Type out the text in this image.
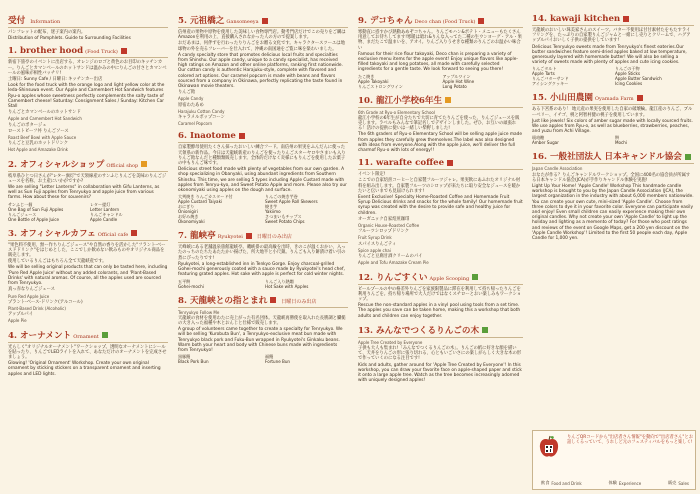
受付 Information
パンフレットの配布、迷子案内の案内。
Distribution of Pamphlets. Guide to Surrounding Facilities
1. brother hood (Food Truck)
新宿下旅亭のイベントに出店する、オレンジのロゴと黄色のお目印のキッチンカー。りんごとカマンベールのホットサンドは温かみの中にりんごの甘さとカマンベールの風味が相性バッチリ!
土曜日: Sunny Cafe / 日曜日: キッチンカー出店
Look for the food truck with the orange logo and light yellow color at the Ieda-Shinsuwa event. Our Apple and Camembert Hot Sandwich features Ryu-o apples whose sweetness perfectly complements the salty taste of Camembert cheese! Saturday: Consignment Sales / Sunday: Kitchen Car Stall
りんごとカマンベールのホットサンド
Apple and Camembert Hot Sandwich
りんごのポタージュ
ローストビーフ丼 りんごソース
Roast Beef Bowl with Apple Sauce
りんごと豆乳のホットドリンク
Hot Apple and Amazake Drink
2. オフィシャルショップ Official shop
岐阜県ひとつ日さんが"レター旗灯"で天領線産のサンふじりんごを美味のりんごジュースを名称、お土産にいかがですか?
We are selling "Letter Lanterns" in collaboration with Gifu Lanterns, as well as Sun Fuji apples from Tenryukyo and apple juice from various farms. How about these for souvenirs?
サンふじ一個	レター提灯
One Bag of Sun Fuji Apples	Letter Lantern
りんごジュース	りんごキャンドル
One Bottle of Apple Juice	Apple Candle
3. オフィシャルカフェ Official cafe
"果色料不使用、無ー作ちりんごジュース"や自然の香りを活かした"フラント-ベースドドリンク"をはじめとした、ここでしか飲めない飲みものやオリジナル商品を販売します。
使用しているりんごはもちろん全て天龍峡産です。
We will be selling original products that can only be tasted here, including 'Pure Red Apple Juice' without any added colorants, and 'Plant-Based Drinks' with natural aromas. Of course, all the apples used are sourced from Tenryukyo.
真っ赤なりんごジュース
Pure Red Apple Juice
プラント-ベース-ドリンク(アルコール)
Plant-Based Drink (Alcoholic)
アップルパイ
Apple Pie
4. オーナメント Ornament
光らしく"オリジナルオーナメント"ワークショップ。透明なオーナメントにシールを貼ったり、りんごでLEDライトを入れて、あなただけのオーナメントを完成させましょう。
Glowing! 'Original Ornament' Workshop. Create your own original ornament by sticking stickers on a transparent ornament and inserting apples and LED lights.
5. 元祖橋之 Gansomeeya
信州産の果物や原物を使用した美味しい食物専門店。動考門店だけでこの売りをご購はAmazonを利用の上、直接購入されなかった人の方ので提案します。
おだあまは、何伴ずを行わったりりんごをお贈る文化です。キャラクタースツーユは地球物の外を売るフレーバーを仕入れて、沖縄の南国通をご覧に味を楽わいました。
A candy specialty store that promotes delicious local fruits and specialties from Shinshu. Our apple candy, unique to a candy specialist, has received high ratings on Amazon and other online platforms, ranking first nationwide. Our cotton candy is authentic Harajuku-style, complete with flavored and colored art options. Our caramel popcorn is made with beans and flavors sourced from a company in Okinawa, perfectly replicating the taste found in Okinawan movie theaters.
りんご飴
Apple Candy
原宿わたあめ
Harajuku Cotton Candy
キャラメルポップコーン
Caramel Popcorn
6. Inaotome
自家製酵母使用たくさん採ったおいしい練合フード。南信州の果実をふんだんに使った天領県の新作品。今日は天龍峡新産のりんごを使ったりんごスターヤロやさまいも入りりんご飴なんだと種類類販売します。全体的だけなく炎様にもりんごを使用したお菓子の中もりんご味です。
Delicious street food made with plenty of vegetables from our own garden. A shop specializing in Obanyaki, using abundant ingredients from Southern Shinshu. This time, we are selling 5 types including Apple Custard made with apples from Tenryu-kyo, and Sweet Potato Apple and more. Please also try our okonomiyaki using apples on the dough and surface.
大判焼き りんごカスタード付	りんごの焼き芋巻
Apple Custard Taiyaki	Sweet Apple Roll Skewers
おにぎり	焼き芋
Onionigiri	Yakiimo
お好み焼き	さつまいもチップス
Okonomiyaki	Sweet Potato Chips
7. 龍峡亭 Ryukyotei	日曜日のみ出店
天峰峡にある老舗温泉旅館龍峡亭。磯峡掛の最高級を出時、きのこが温くおかい、入ったのっちのたちたあたたかい揚げた、所大地半と小尺鎮。りんごも入り餅漬け着い引の煮にぴったりです!
Ryukyotei, a long-established inn in Tenkyo Gorge. Enjoy charcoal-grilled Gohei-mochi generously coated with a sauce made by Ryukyotei's head chef, featuring grated apples. Hot sake with apple is perfect for cold winter nights.
五平餅	りんご入り熱燗
Gohei-mochi	Hot Sake with Apples
8. 天龍峡との指とまれ	日曜日のみ出店
Tenryukyo Follow Me
天龍峡の食材を使用わたに売上がった有名団体。天龍峡再勝使を取入れた長勝調と臓槌の大き入った福種や木とおんじと仕様で販売します。
A group of volunteers came together to create a specialty for Tenryukyo. We will be selling 'Kurobuta Bun', a Tenryukyo-exclusive meat bun made with Tenryukyo black pork and Fuku-Bun wrapped in Ryukyotei's Ginkaku beans. Warm both your heart and body with Chinese buns made with ingredients from Tenryukyo!
黒豚饅	福饅
Black Pork Bun	Fortune Bun
9. デコちゃん Deco chan (Food Truck)
寒動直に惑すかび熱動あめぞコちゃん。りんごモハン&ポテト・メニューもたくさん用意してお待ちしてます!寒暖は暗れ&りんな入ってた二種の生ウンヨーグ・アル・果物、まだたこで温まいを、アオイ。りんご入りうせきな種類のりんごのお温かい味合い
Famous for their rice flour takoyaki, Deco chan is preparing a variety of exclusive menu items for the apple event! Enjoy unique flavors like apple-filled takoyaki and long potatoes, all made with carefully selected ingredients for a gentle taste. We look forward to seeing you there!
たこ焼き	アップルワイン
Apple Takoyaki	Apple Hot Wine
りんごストロングワイン	Long Potato
10. 龍江小学校6年生
6th Grade at Ryu-o Elementary School
龍江小学校の6年生が自分たちで大切に育てたりんごを使った、りんごジュースを販売します。ラベルもみんなで筆記名しでデザインしました。ぜひ、お互いの頑張れる！活けの提供に使いは一緒しい柴野しました!
The 6th graders of Ryu-o Elementary School will be selling apple juice made from apples they carefully grew themselves.The label was also designed with ideas from everyone.Along with the apple juice, we'll deliver the full charmof Ryu-o with lots of energy!!
11. warafte coffee
イベント限定!
ここでの自家焙煎コーヒーと自家製フルーツジャレ。果実飲にあふれたオリジナル材料を組み出します。自家製フルーツのシロップが来たちに取り安全なジュースを暖かたいと伝いまでも見届けられます!
Event Exclusive! Specialty Home-Roasted Coffee and Homemade Fruit Syrup Delicious drinks and snacks for the whole family! Our homemade fruit syrup was created with the desire to provide safe and healthy juice for children.
オーガニック自家焙煎珈琲
Organic House-Roasted Coffee
フルーツシロップドリンク
Fruit Syrup Drink
スパイスりんごティ
Spice apple chai
りんごと豆腐甘酒クリームのパイ
Apple and Tofu Amazake Cream Pie
12. りんごすくい Apple Scooping
ビールプールの中の格差外りんごを家族限製品に滞在を利用して持ち帰ったりんごを利用りんごを。持ち帰り場所で大人だけではなくスチローとおい楽しみもワークショップ。
Rescue the non-standard apples in a vinyl pool using tools from a set time. The apples you save can be taken home, making this a workshop that both adults and children can enjoy together.
13. みんなでつくるりんごの木
Apple Tree Created by Everyone
子供も大人も集まれ!「みんなでつくるりんごの木」。りんごの紙に好きな顔を描いて、天井をりんごの形に張り切れる、心ともいごいさにの楽しがらしく大きな木の形で作っていくのになる注目です!
Kids and adults, gather around for 'Apple Tree Created by Everyone'! In this workshop, you can draw your favorite face on apple-shaped paper and stick it onto a large apple tree. Watch as the tree becomes increasingly adorned with uniquely designed apples!
14. kawaji kitchen
天龍峡のおいしい珠美家さんのスイーツ。バター不使用ほ甘甘素材たをもたすライフリングを、たっぷりの自家製りんごジャムと一緒にし売りとクリームで、ハグアップルパイおいしく子供の提供をしています!
Delicious Tenryukyo sweets made from Tenryukyo's finest eateries.Our butter sandwiches feature semi-dried apples baked at low temperature, generously layered with homemade butter! We will also be selling a variety of sweets made with plenty of apples and cute icing cookies.
りんごタルト	りんごの干物
Apple Tarts	Apple Sticks
りんごバターサンド	Apple Butter Sandwich
アイシングクッキー	Icing Cookies
15. 小山田農園 Oyamada Farm
ある下宮系のあり！ 地元産の果実を使用した自家の破壊輪。龍江産のりんご、ブルーベリー、イチゴ、桃と阿智村健の桃子を使用しています。
Just like jewels! Six colors of amber sugar made with locally sourced fruits. We use apples from Ryu-o, as well as blueberries, strawberries, peaches, and yuzu from Achi Village.
琥珀糖	餅
Amber Sugar	Mochi
16. 一般社団法人 日本キャンドル協会
Japan Candle Association
おなたが作る？りんごキャンドルワークショップ。全国に400名の協会員が所属する日本キャンドル協会(JCA)が手作りキャンドル体験を実施!
Light Up Your Home! 'Apple Candle' Workshop This handmade candle workshop is brought to you by the Japan Candle Association (JCA), the largest organization in the industry with about 6,000 members nationwide. You can create your own cute, mini-sized 'Apple Candle'. Choose from three colors to dye it in your favorite color. Everyone can participate easily and enjoy! Even small children can easily experience making their own original candles. Why not create your own 'Apple Candle' to light up the holiday and lighting as a memento of today? For those who post ratings and reviews of the event on Google Maps, get a 200 yen discount on the 'Apple Candle Workshop'! Limited to the first 50 people each day, Apple Candle for 1,000 yen.
りんごQRコードから"出店者さん情報"を動向で"出店者さん"とお話しくるっていて、うれしど元のフェスティバルをもっと楽しく!
飲食 Food and Drink	体験 Experience	販売 Sales
